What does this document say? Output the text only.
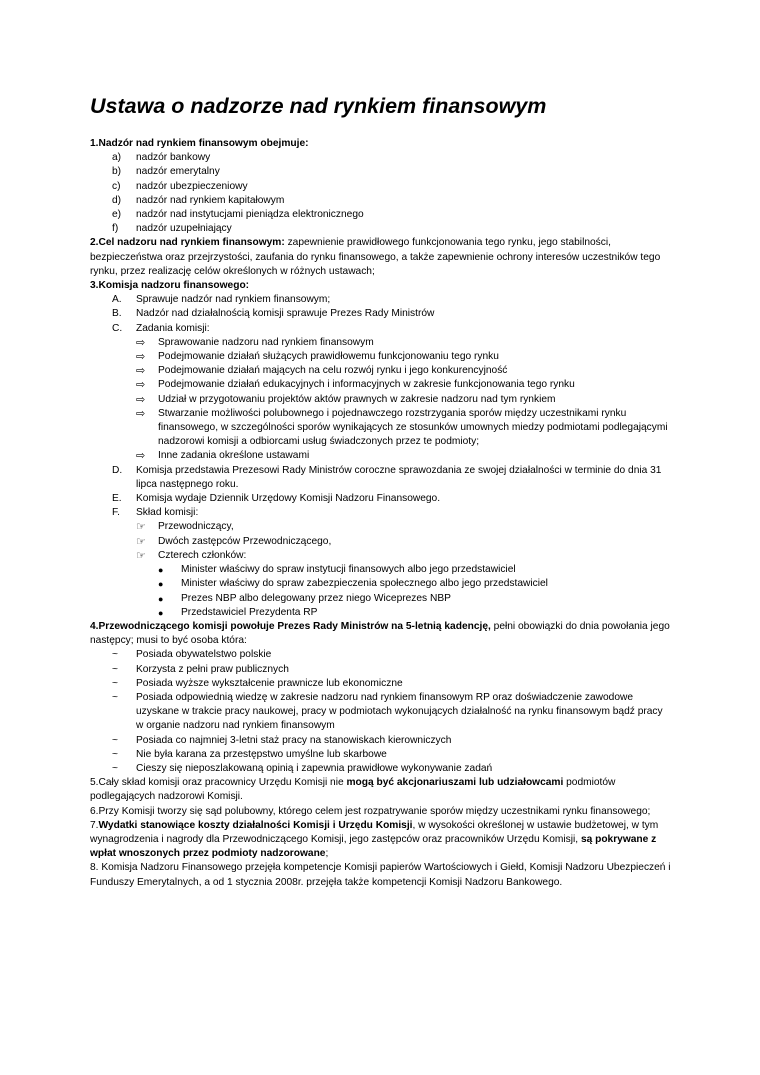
Ustawa o nadzorze nad rynkiem finansowym

1.Nadzór nad rynkiem finansowym obejmuje:

a)	nadzór bankowy
b)	nadzór emerytalny
c)	nadzór ubezpieczeniowy
d)	nadzór nad rynkiem kapitałowym
e)	nadzór nad instytucjami pieniądza elektronicznego
f)	nadzór uzupełniający

2.Cel nadzoru nad rynkiem finansowym: zapewnienie prawidłowego funkcjonowania tego rynku, jego stabilności, bezpieczeństwa oraz przejrzystości, zaufania do rynku finansowego, a także zapewnienie ochrony interesów uczestników tego rynku, przez realizację celów określonych w różnych ustawach;

3.Komisja nadzoru finansowego:

A.	Sprawuje nadzór nad rynkiem finansowym;
B.	Nadzór nad działalnością komisji sprawuje Prezes Rady Ministrów
C.	Zadania komisji:
⇨	Sprawowanie nadzoru nad rynkiem finansowym
⇨	Podejmowanie działań służących prawidłowemu funkcjonowaniu tego rynku
⇨	Podejmowanie działań mających na celu rozwój rynku i jego konkurencyjność
⇨	Podejmowanie działań edukacyjnych i informacyjnych w zakresie funkcjonowania tego rynku
⇨	Udział w przygotowaniu projektów aktów prawnych w zakresie nadzoru nad tym rynkiem
⇨	Stwarzanie możliwości polubownego i pojednawczego rozstrzygania sporów między uczestnikami rynku finansowego, w szczególności sporów wynikających ze stosunków umownych miedzy podmiotami podlegającymi nadzorowi komisji a odbiorcami usług świadczonych przez te podmioty;
⇨	Inne zadania określone ustawami
D.	Komisja przedstawia Prezesowi Rady Ministrów coroczne sprawozdania ze swojej działalności w terminie do dnia 31 lipca następnego roku.
E.	Komisja wydaje Dziennik Urzędowy Komisji Nadzoru Finansowego.
F.	Skład komisji:
☞	Przewodniczący,
☞	Dwóch zastępców Przewodniczącego,
☞	Czterech członków:
●	Minister właściwy do spraw instytucji finansowych albo jego przedstawiciel
●	Minister właściwy do spraw zabezpieczenia społecznego albo jego przedstawiciel
●	Prezes NBP albo delegowany przez niego Wiceprezes NBP
●	Przedstawiciel Prezydenta RP

4.Przewodniczącego komisji powołuje Prezes Rady Ministrów na 5-letnią kadencję, pełni obowiązki do dnia powołania jego następcy; musi to być osoba która:

~	Posiada obywatelstwo polskie
~	Korzysta z pełni praw publicznych
~	Posiada wyższe wykształcenie prawnicze lub ekonomiczne
~	Posiada odpowiednią wiedzę w zakresie nadzoru nad rynkiem finansowym RP oraz doświadczenie zawodowe uzyskane w trakcie pracy naukowej, pracy w podmiotach wykonujących działalność na rynku finansowym bądź pracy w organie nadzoru nad rynkiem finansowym
~	Posiada co najmniej 3-letni staż pracy na stanowiskach kierowniczych
~	Nie była karana za przestępstwo umyślne lub skarbowe
~	Cieszy się nieposzlakowaną opinią i zapewnia prawidłowe wykonywanie zadań

5.Cały skład komisji oraz pracownicy Urzędu Komisji nie mogą być akcjonariuszami lub udziałowcami podmiotów podlegających nadzorowi Komisji.

6.Przy Komisji tworzy się sąd polubowny, którego celem jest rozpatrywanie sporów między uczestnikami rynku finansowego;

7.Wydatki stanowiące koszty działalności Komisji i Urzędu Komisji, w wysokości określonej w ustawie budżetowej, w tym wynagrodzenia i nagrody dla Przewodniczącego Komisji, jego zastępców oraz pracowników Urzędu Komisji, są pokrywane z wpłat wnoszonych przez podmioty nadzorowane;

8. Komisja Nadzoru Finansowego przejęła kompetencje Komisji papierów Wartościowych i Giełd, Komisji Nadzoru Ubezpieczeń i Funduszy Emerytalnych, a od 1 stycznia 2008r. przejęła także kompetencji Komisji Nadzoru Bankowego.
